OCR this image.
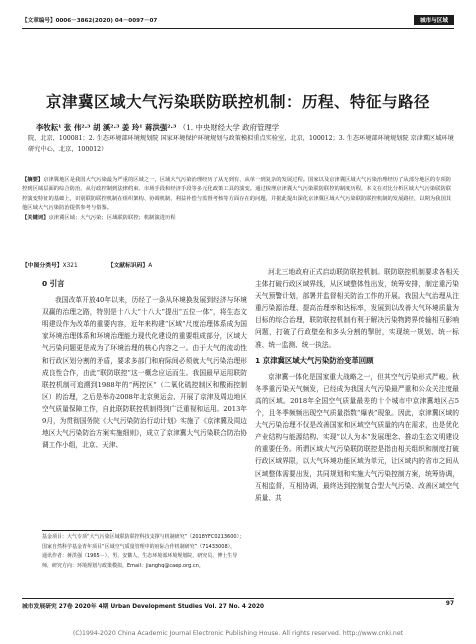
【文章编号】0006－3862(2020) 04－0097－07	城市与区域
京津冀区域大气污染联防联控机制：历程、特征与路径
李牧耘¹ 张 伟²·³ 胡 溪²·³ 姜 玲¹ 蒋洪强²·³ （1. 中央财经大学 政府管理学
院，北京，100081；2. 生态环境部环境规划院 国家环境保护环境规划与政策模拟重点实验室，北京，100012；3. 生态环境部环境规划院 京津冀区域环境研究中心，北京，100012）

【摘要】京津冀地区是我国大气污染最为严重的区域之一，区域大气污染治理经历了从无到有、从单一到复杂的发展过程。国家以及京津冀区域大气污染治理经历了从部分地区的专项防控到区域层面的综合防治，从行政控制到法律约束、市场手段和经济手段等多元化政策工具的演变。通过梳理京津冀大气污染联防联控的制度历程，本文在对比分析区域大气污染联防联控演变特征的基础上，识别联防联控机制在组织架构、协调机制、利益补偿与监督考核等方面存在的问题，并据此提出深化京津冀区域大气污染联防联控机制的发展路径，以期为我国其他区域大气污染防治提供参考与借鉴。

【关键词】京津冀区域；大气污染；区域联防联控；机制演进历程

【中图分类号】X321	【文献标识码】A

0 引言

我国改革开放40年以来，历经了一条从环境换发展到经济与环境双赢的治理之路，特别是十八大“十八大”提出“五位一体”，将生态文明建设作为改革的重要内容，近年来构建“区域”尺度治理体系成为国家环境治理体系和环境治理能力现代化建设的重要组成部分，区域大气污染问题更是成为了环境治理的核心内容之一。由于大气的流动性和行政区划分割的矛盾，要求多部门和府际间必须就大气污染治理形成良性合作，由此“联防联控”这一概念应运而生。我国最早运用联防联控机制可追溯到1988年的“两控区”（二氧化硫控制区和酸雨控制区）的治理，之后是举办2008年北京奥运会、开展了京津及周边地区空气质量保障工作，自此联防联控机制得到广泛重视和运用。2013年9月，为贯彻国务院《大气污染防治行动计划》实施了《京津冀及周边地区大气污染防治方案实施细则》，成立了京津冀大气污染联合防治协调工作小组，北京、天津、

河北三地政府正式启动联防联控机制。联防联控机制要求各相关主体打破行政区域界线，从区域整体性出发，统筹安排，制定重污染天气预警计划，部署并监督相关防治工作的开展。我国大气治理从注重污染源治理、提高治理率和达标率，发展到以改善大气环境质量为目标的综合治理，联防联控机制有利于解决污染物跨界传输相互影响问题，打破了行政壁垒和多头分割的掣肘，实现统一规划、统一标准、统一监测、统一执法。

1 京津冀区域大气污染防治变革回顾

京津冀一体化是国家重大战略之一，但其空气污染形式严峻。秋冬季重污染天气频发，已经成为我国大气污染最严重和公众关注度最高的区域。2018年全国空气质量最差的十个城市中京津冀地区占5个，且冬季频频出现空气质量指数“爆表”现象。因此，京津冀区域的大气污染治理不仅是改善国家和区域空气质量的内在需求，也是优化产业结构与能源结构、实现“以人为本”发展理念、推动生态文明建设的重要任务。所谓区域大气污染联防联控是指由相关组织和制度打破行政区域界限，以大气环境功能区域为单元，让区域内的省市之间从区域整体需要出发，共同规划和实施大气污染控制方案，统筹协调，互相监督，互相协调，最终达到控制复合型大气污染、改善区域空气质量、共

基金项目：大气专项“大气污染区域联防联控科技支撑与机制研究”（2018YFC0213600）；国家自然科学基金青年项目“区域空气质量管理中的府际合作机制研究”（71433008）。

通讯作者：蒋洪强（1965－），男，安徽人，生态环境部环境规划院，研究员，博士生导师，研究方向：环境规划与政策模拟。Email：jianghq@caep.org.cn。

城市发展研究 27卷 2020年 4期 Urban Development Studies Vol. 27 No. 4 2020	97
(C)1994-2020 China Academic Journal Electronic Publishing House. All rights reserved. http://www.cnki.net
